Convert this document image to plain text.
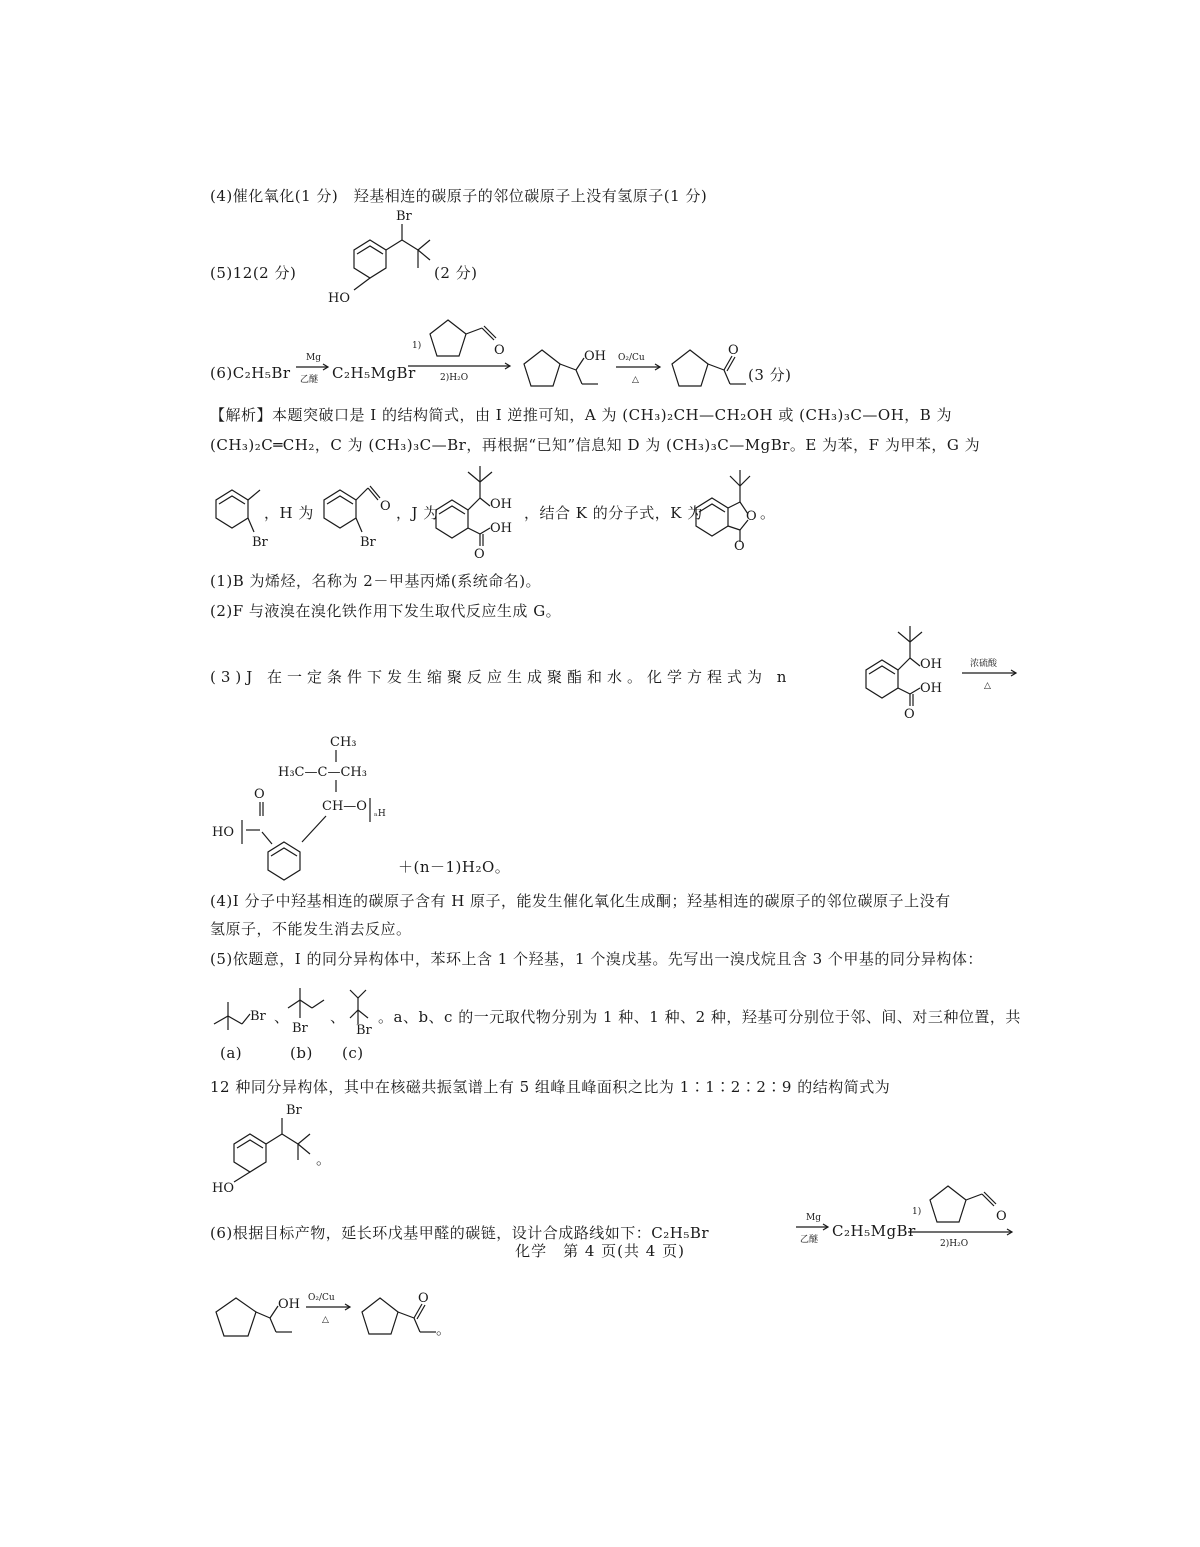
(4)催化氧化(1 分)　羟基相连的碳原子的邻位碳原子上没有氢原子(1 分)
(5)12(2 分)
Br
HO
(2 分)
(6)C₂H₅Br
Mg
乙醚 C₂H₅MgBr
1)	O
2)H₂O
OH O₂/Cu
△
O
(3 分)
【解析】本题突破口是 I 的结构简式，由 I 逆推可知，A 为 (CH₃)₂CH—CH₂OH 或 (CH₃)₃C—OH，B 为
(CH₃)₂C═CH₂，C 为 (CH₃)₃C—Br，再根据“已知”信息知 D 为 (CH₃)₃C—MgBr。E 为苯，F 为甲苯，G 为
Br
，H 为	O
Br
，J 为	OH
OH
O
，结合 K 的分子式，K 为	O
O
。
(1)B 为烯烃，名称为 2－甲基丙烯(系统命名)。
(2)F 与液溴在溴化铁作用下发生取代反应生成 G。
(3)J 在一定条件下发生缩聚反应生成聚酯和水。化学方程式为 n
OH
OH
O
浓硫酸
△
CH₃
H₃C—C—CH₃
CH—O ₙH
HO
O
＋(n－1)H₂O。
(4)I 分子中羟基相连的碳原子含有 H 原子，能发生催化氧化生成酮；羟基相连的碳原子的邻位碳原子上没有
氢原子，不能发生消去反应。
(5)依题意，I 的同分异构体中，苯环上含 1 个羟基，1 个溴戊基。先写出一溴戊烷且含 3 个甲基的同分异构体：
Br 、
Br
、
Br
。a、b、c 的一元取代物分别为 1 种、1 种、2 种，羟基可分别位于邻、间、对三种位置，共
(a)	(b) (c)
12 种同分异构体，其中在核磁共振氢谱上有 5 组峰且峰面积之比为 1∶1∶2∶2∶9 的结构简式为
Br
HO
。
(6)根据目标产物，延长环戊基甲醛的碳链，设计合成路线如下：C₂H₅Br
Mg
乙醚 C₂H₅MgBr
1)	O
2)H₂O
OH O₂/Cu
△
O
。
化学　第 4 页(共 4 页)
